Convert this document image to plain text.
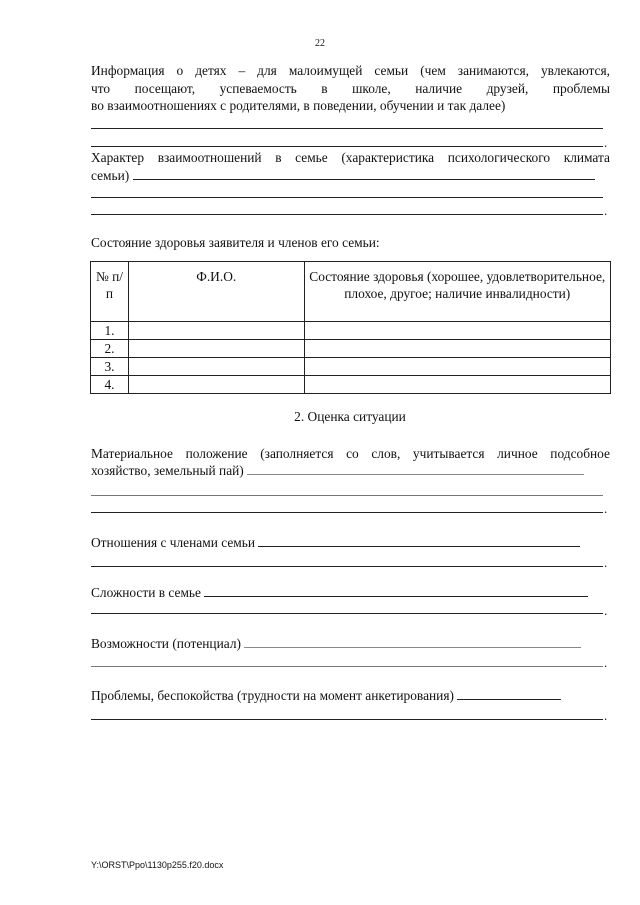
22
Информация о детях – для малоимущей семьи (чем занимаются, увлекаются,
что посещают, успеваемость в школе, наличие друзей, проблемы
во взаимоотношениях с родителями, в поведении, обучении и так далее)
.
Характер взаимоотношений в семье (характеристика психологического климата
семьи)
.
Состояние здоровья заявителя и членов его семьи:
№ п/п	Ф.И.О.	Состояние здоровья (хорошее, удовлетворительное, плохое, другое; наличие инвалидности)
1.		
2.		
3.		
4.		
2. Оценка ситуации
Материальное положение (заполняется со слов, учитывается личное подсобное
хозяйство, земельный пай)
.
Отношения с членами семьи
.
Сложности в семье
.
Возможности (потенциал)
.
Проблемы, беспокойства (трудности на момент анкетирования)
.
Y:\ORST\Ppo\1130p255.f20.docx
